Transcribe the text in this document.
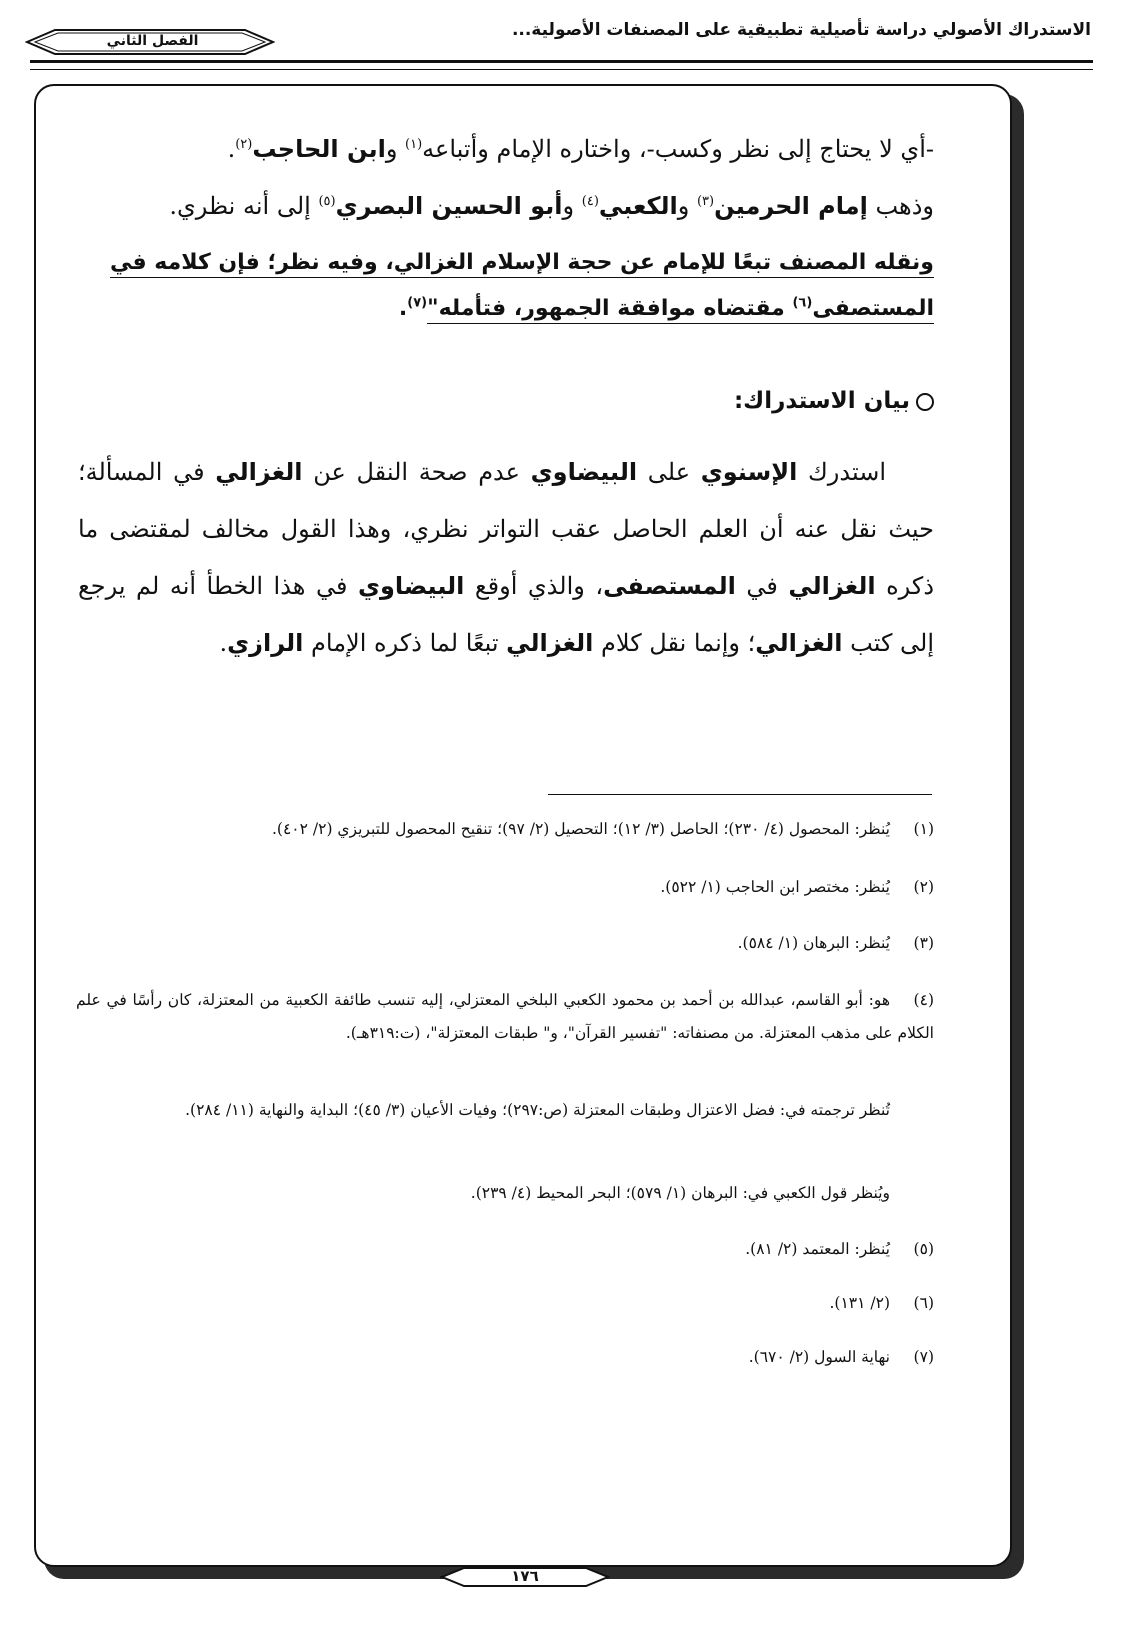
الاستدراك الأصولي دراسة تأصيلية تطبيقية على المصنفات الأصولية...
الفصل الثاني
-أي لا يحتاج إلى نظر وكسب-، واختاره الإمام وأتباعه$^{(١)}$ وابن الحاجب$^{(٢)}$.
وذهب إمام الحرمين$^{(٣)}$ والكعبي$^{(٤)}$ وأبو الحسين البصري$^{(٥)}$ إلى أنه نظري.
ونقله المصنف تبعًا للإمام عن حجة الإسلام الغزالي، وفيه نظر؛ فإن كلامه في
المستصفى$^{(٦)}$ مقتضاه موافقة الجمهور، فتأمله"$^{(٧)}$.
بيان الاستدراك:
استدرك الإسنوي على البيضاوي عدم صحة النقل عن الغزالي في المسألة؛ حيث نقل عنه أن العلم الحاصل عقب التواتر نظري، وهذا القول مخالف لمقتضى ما ذكره الغزالي في المستصفى، والذي أوقع البيضاوي في هذا الخطأ أنه لم يرجع إلى كتب الغزالي؛ وإنما نقل كلام الغزالي تبعًا لما ذكره الإمام الرازي.
(١)يُنظر: المحصول (٤/ ٢٣٠)؛ الحاصل (٣/ ١٢)؛ التحصيل (٢/ ٩٧)؛ تنقيح المحصول للتبريزي (٢/ ٤٠٢).
(٢)يُنظر: مختصر ابن الحاجب (١/ ٥٢٢).
(٣)يُنظر: البرهان (١/ ٥٨٤).
(٤)هو: أبو القاسم، عبدالله بن أحمد بن محمود الكعبي البلخي المعتزلي، إليه تنسب طائفة الكعبية من المعتزلة، كان رأسًا في علم الكلام على مذهب المعتزلة. من مصنفاته: "تفسير القرآن"، و" طبقات المعتزلة"، (ت:٣١٩هـ).
تُنظر ترجمته في: فضل الاعتزال وطبقات المعتزلة (ص:٢٩٧)؛ وفيات الأعيان (٣/ ٤٥)؛ البداية والنهاية (١١/ ٢٨٤).
ويُنظر قول الكعبي في: البرهان (١/ ٥٧٩)؛ البحر المحيط (٤/ ٢٣٩).
(٥)يُنظر: المعتمد (٢/ ٨١).
(٦)(٢/ ١٣١).
(٧)نهاية السول (٢/ ٦٧٠).
١٧٦
